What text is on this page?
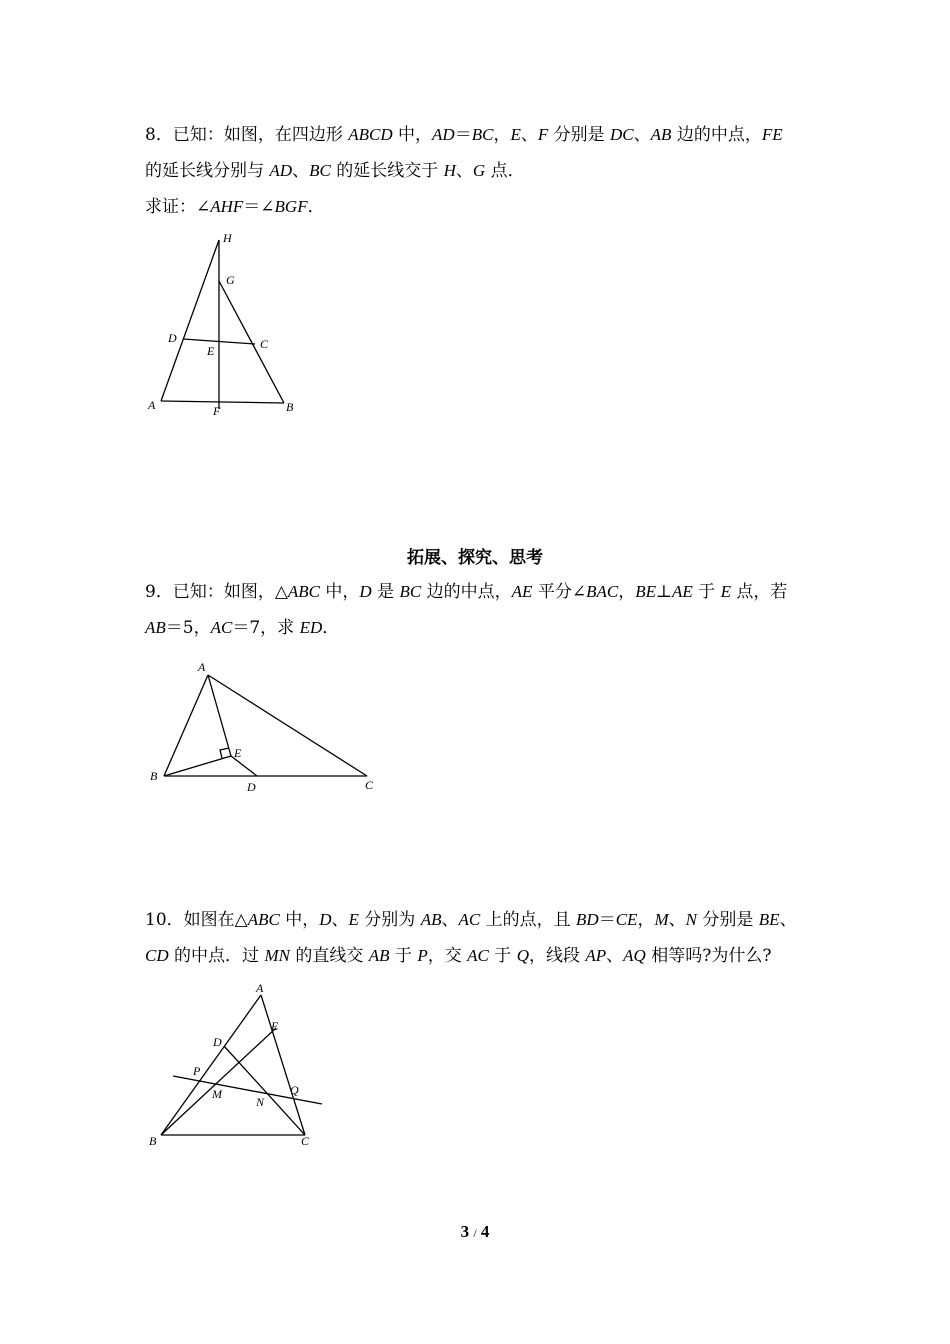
8．已知：如图，在四边形 ABCD 中，AD＝BC，E、F 分别是 DC、AB 边的中点，FE
的延长线分别与 AD、BC 的延长线交于 H、G 点．
求证：∠AHF＝∠BGF．
H
G
D
E	C
A	F	B
拓展、探究、思考
9．已知：如图，△ABC 中，D 是 BC 边的中点，AE 平分∠BAC，BE⊥AE 于 E 点，若
AB＝5，AC＝7，求 ED．
A
E
B
D	C
10．如图在△ABC 中，D、E 分别为 AB、AC 上的点，且 BD＝CE，M、N 分别是 BE、
CD 的中点．过 MN 的直线交 AB 于 P，交 AC 于 Q，线段 AP、AQ 相等吗?为什么?
A
E
D
P
M
N
Q
B	C
3 / 4
